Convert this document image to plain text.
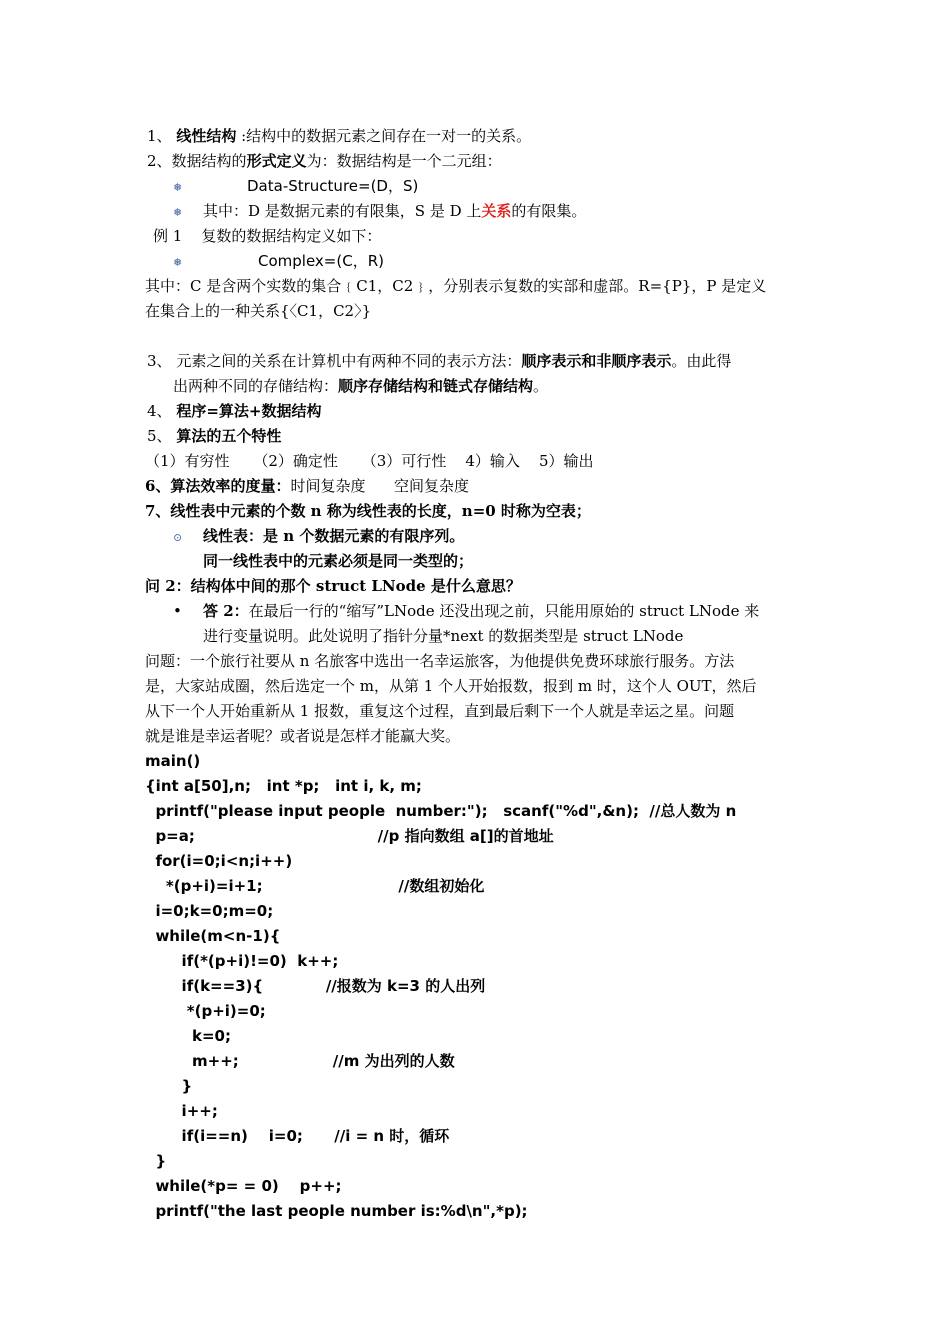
1、 线性结构 :结构中的数据元素之间存在一对一的关系。
2、数据结构的形式定义为：数据结构是一个二元组：
❅	Data-Structure=(D，S)
❅ 其中：D 是数据元素的有限集，S 是 D 上关系的有限集。
例 1    复数的数据结构定义如下：
❅	Complex=(C，R)
其中：C 是含两个实数的集合﹛C1，C2﹜，分别表示复数的实部和虚部。R={P}，P 是定义
在集合上的一种关系{〈C1，C2〉}
3、 元素之间的关系在计算机中有两种不同的表示方法：顺序表示和非顺序表示。由此得
出两种不同的存储结构：顺序存储结构和链式存储结构。
4、 程序=算法+数据结构
5、 算法的五个特性
（1）有穷性     （2）确定性     （3）可行性    4）输入    5）输出
6、算法效率的度量：时间复杂度      空间复杂度
7、线性表中元素的个数 n 称为线性表的长度，n=0 时称为空表；
⊙ 线性表：是 n 个数据元素的有限序列。
同一线性表中的元素必须是同一类型的；
问 2：结构体中间的那个 struct LNode 是什么意思？
• 答 2：在最后一行的“缩写”LNode 还没出现之前，只能用原始的 struct LNode 来
进行变量说明。此处说明了指针分量*next 的数据类型是 struct LNode
问题：一个旅行社要从 n 名旅客中选出一名幸运旅客，为他提供免费环球旅行服务。方法
是，大家站成圈，然后选定一个 m，从第 1 个人开始报数，报到 m 时，这个人 OUT，然后
从下一个人开始重新从 1 报数，重复这个过程，直到最后剩下一个人就是幸运之星。问题
就是谁是幸运者呢？或者说是怎样才能赢大奖。
main()
{int a[50],n;   int *p;   int i, k, m;
printf("please input people  number:");   scanf("%d",&n);  //总人数为 n
p=a;                                   //p 指向数组 a[]的首地址
for(i=0;i<n;i++)
*(p+i)=i+1;                          //数组初始化
i=0;k=0;m=0;
while(m<n-1){
if(*(p+i)!=0)  k++;
if(k==3){            //报数为 k=3 的人出列
*(p+i)=0;
k=0;
m++;                  //m 为出列的人数
}
i++;
if(i==n)    i=0;      //i = n 时，循环
}
while(*p= = 0)    p++;
printf("the last people number is:%d\n",*p);
